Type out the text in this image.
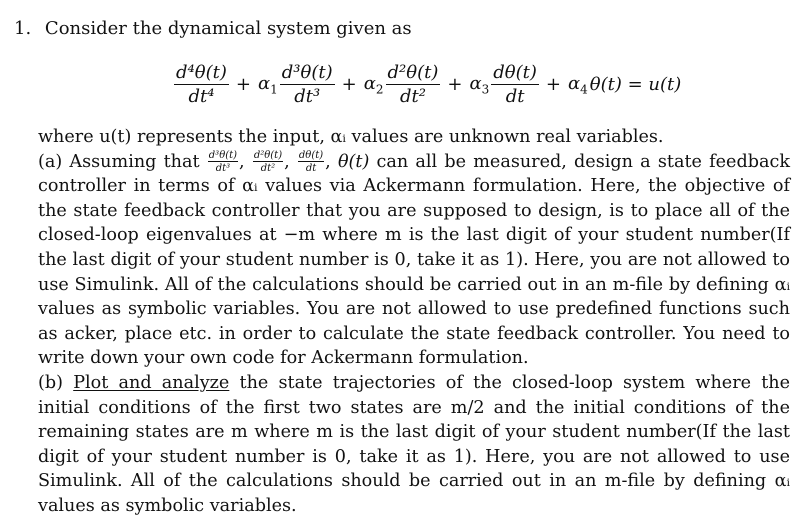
1. Consider the dynamical system given as
$\frac{\text{d⁴θ(t)}}{\text{dt⁴}} + \alpha_1 \frac{\text{d³θ(t)}}{\text{dt³}} + \alpha_2 \frac{\text{d²θ(t)}}{\text{dt²}} + \alpha_3 \frac{d\theta(t)}{dt} + \alpha_4$ θ(t) = u(t)

where u(t) represents the input, αᵢ values are unknown real variables.

(a) Assuming that $\frac{\text{d³θ(t)}}{\text{dt³}}$ , $\frac{\text{d²θ(t)}}{\text{dt²}}$ , $\frac{d\theta(t)}{dt}$ , θ(t) can all be measured, design a state feedback controller in terms of αᵢ values via Ackermann formulation. Here, the objective of the state feedback controller that you are supposed to design, is to place all of the closed-loop eigenvalues at −m where m is the last digit of your student number(If the last digit of your student number is 0, take it as 1). Here, you are not allowed to use Simulink. All of the calculations should be carried out in an m-file by defining αᵢ values as symbolic variables. You are not allowed to use predefined functions such as acker, place etc. in order to calculate the state feedback controller. You need to write down your own code for Ackermann formulation.

(b) Plot and analyze the state trajectories of the closed-loop system where the initial conditions of the first two states are m/2 and the initial conditions of the remaining states are m where m is the last digit of your student number(If the last digit of your student number is 0, take it as 1). Here, you are not allowed to use Simulink. All of the calculations should be carried out in an m-file by defining αᵢ values as symbolic variables.
